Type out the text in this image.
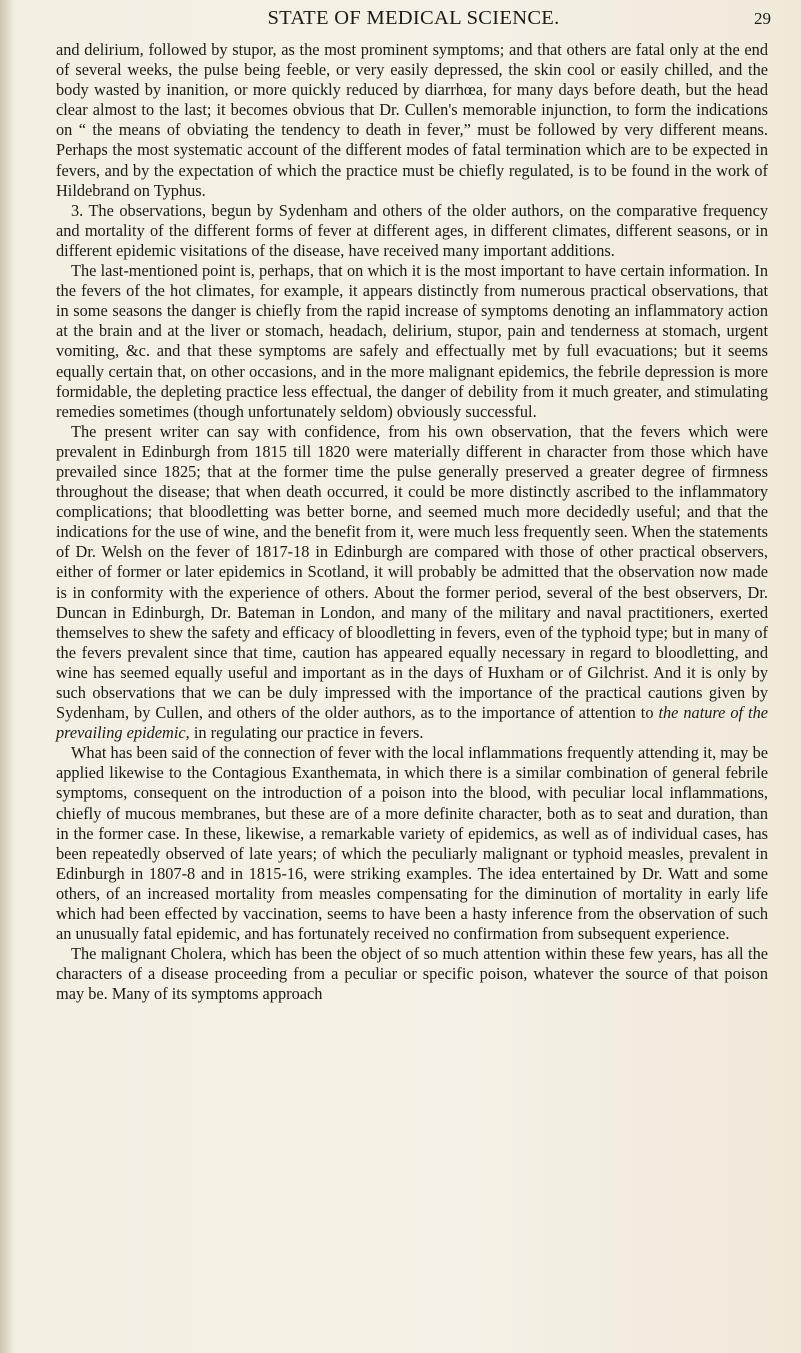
STATE OF MEDICAL SCIENCE.	29

and delirium, followed by stupor, as the most prominent symptoms; and that others are fatal only at the end of several weeks, the pulse being feeble, or very easily depressed, the skin cool or easily chilled, and the body wasted by inanition, or more quickly reduced by diarrhœa, for many days before death, but the head clear almost to the last; it becomes obvious that Dr. Cullen's memorable injunction, to form the indications on “ the means of obviating the tendency to death in fever,” must be followed by very different means. Perhaps the most systematic account of the different modes of fatal termination which are to be expected in fevers, and by the expectation of which the practice must be chiefly regulated, is to be found in the work of Hildebrand on Typhus.

3. The observations, begun by Sydenham and others of the older authors, on the comparative frequency and mortality of the different forms of fever at different ages, in different climates, different seasons, or in different epidemic visitations of the disease, have received many important additions.

The last-mentioned point is, perhaps, that on which it is the most important to have certain information. In the fevers of the hot climates, for example, it appears distinctly from numerous practical observations, that in some seasons the danger is chiefly from the rapid increase of symptoms denoting an inflammatory action at the brain and at the liver or stomach, headach, delirium, stupor, pain and tenderness at stomach, urgent vomiting, &c. and that these symptoms are safely and effectually met by full evacuations; but it seems equally certain that, on other occasions, and in the more malignant epidemics, the febrile depression is more formidable, the depleting practice less effectual, the danger of debility from it much greater, and stimulating remedies sometimes (though unfortunately seldom) obviously successful.

The present writer can say with confidence, from his own observation, that the fevers which were prevalent in Edinburgh from 1815 till 1820 were materially different in character from those which have prevailed since 1825; that at the former time the pulse generally preserved a greater degree of firmness throughout the disease; that when death occurred, it could be more distinctly ascribed to the inflammatory complications; that bloodletting was better borne, and seemed much more decidedly useful; and that the indications for the use of wine, and the benefit from it, were much less frequently seen. When the statements of Dr. Welsh on the fever of 1817-18 in Edinburgh are compared with those of other practical observers, either of former or later epidemics in Scotland, it will probably be admitted that the observation now made is in conformity with the experience of others. About the former period, several of the best observers, Dr. Duncan in Edinburgh, Dr. Bateman in London, and many of the military and naval practitioners, exerted themselves to shew the safety and efficacy of bloodletting in fevers, even of the typhoid type; but in many of the fevers prevalent since that time, caution has appeared equally necessary in regard to bloodletting, and wine has seemed equally useful and important as in the days of Huxham or of Gilchrist. And it is only by such observations that we can be duly impressed with the importance of the practical cautions given by Sydenham, by Cullen, and others of the older authors, as to the importance of attention to the nature of the prevailing epidemic, in regulating our practice in fevers.

What has been said of the connection of fever with the local inflammations frequently attending it, may be applied likewise to the Contagious Exanthemata, in which there is a similar combination of general febrile symptoms, consequent on the introduction of a poison into the blood, with peculiar local inflammations, chiefly of mucous membranes, but these are of a more definite character, both as to seat and duration, than in the former case. In these, likewise, a remarkable variety of epidemics, as well as of individual cases, has been repeatedly observed of late years; of which the peculiarly malignant or typhoid measles, prevalent in Edinburgh in 1807-8 and in 1815-16, were striking examples. The idea entertained by Dr. Watt and some others, of an increased mortality from measles compensating for the diminution of mortality in early life which had been effected by vaccination, seems to have been a hasty inference from the observation of such an unusually fatal epidemic, and has fortunately received no confirmation from subsequent experience.

The malignant Cholera, which has been the object of so much attention within these few years, has all the characters of a disease proceeding from a peculiar or specific poison, whatever the source of that poison may be. Many of its symptoms approach
